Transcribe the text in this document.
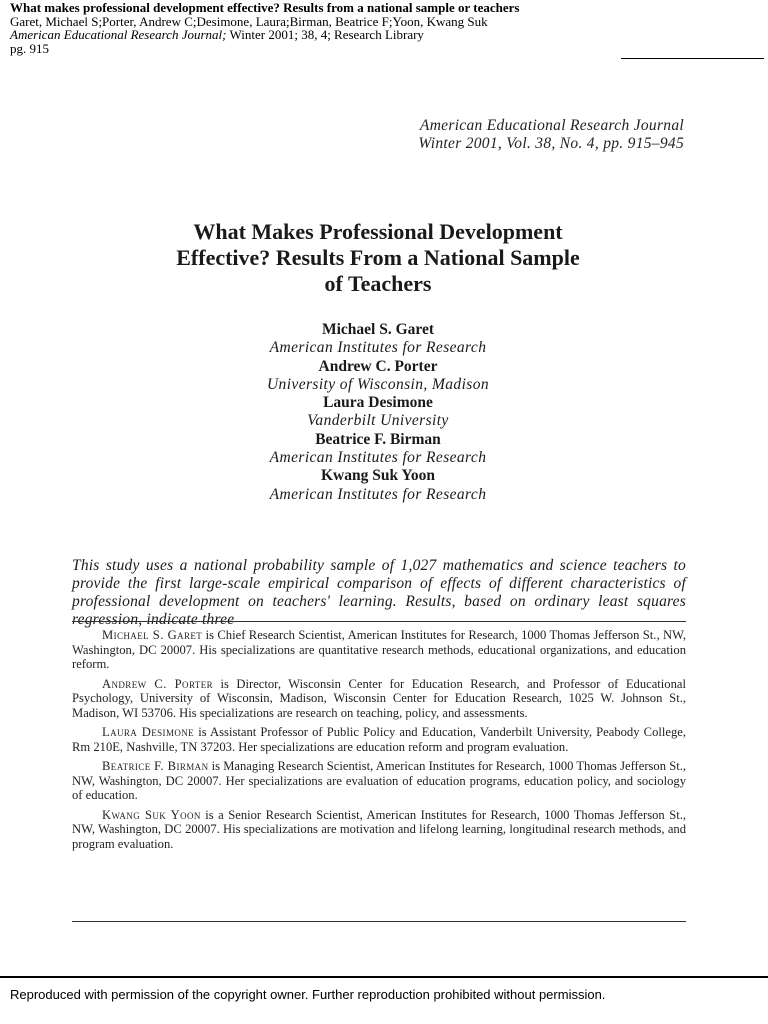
What makes professional development effective? Results from a national sample or teachers
Garet, Michael S;Porter, Andrew C;Desimone, Laura;Birman, Beatrice F;Yoon, Kwang Suk
American Educational Research Journal; Winter 2001; 38, 4; Research Library
pg. 915
American Educational Research Journal
Winter 2001, Vol. 38, No. 4, pp. 915–945
What Makes Professional Development
Effective? Results From a National Sample
of Teachers
Michael S. Garet
American Institutes for Research
Andrew C. Porter
University of Wisconsin, Madison
Laura Desimone
Vanderbilt University
Beatrice F. Birman
American Institutes for Research
Kwang Suk Yoon
American Institutes for Research

This study uses a national probability sample of 1,027 mathematics and science teachers to provide the first large-scale empirical comparison of effects of different characteristics of professional development on teachers' learning. Results, based on ordinary least squares regression, indicate three

Michael S. Garet is Chief Research Scientist, American Institutes for Research, 1000 Thomas Jefferson St., NW, Washington, DC 20007. His specializations are quantitative research methods, educational organizations, and education reform.

Andrew C. Porter is Director, Wisconsin Center for Education Research, and Professor of Educational Psychology, University of Wisconsin, Madison, Wisconsin Center for Education Research, 1025 W. Johnson St., Madison, WI 53706. His specializations are research on teaching, policy, and assessments.

Laura Desimone is Assistant Professor of Public Policy and Education, Vanderbilt University, Peabody College, Rm 210E, Nashville, TN 37203. Her specializations are education reform and program evaluation.

Beatrice F. Birman is Managing Research Scientist, American Institutes for Research, 1000 Thomas Jefferson St., NW, Washington, DC 20007. Her specializations are evaluation of education programs, education policy, and sociology of education.

Kwang Suk Yoon is a Senior Research Scientist, American Institutes for Research, 1000 Thomas Jefferson St., NW, Washington, DC 20007. His specializations are motivation and lifelong learning, longitudinal research methods, and program evaluation.

Reproduced with permission of the copyright owner. Further reproduction prohibited without permission.
